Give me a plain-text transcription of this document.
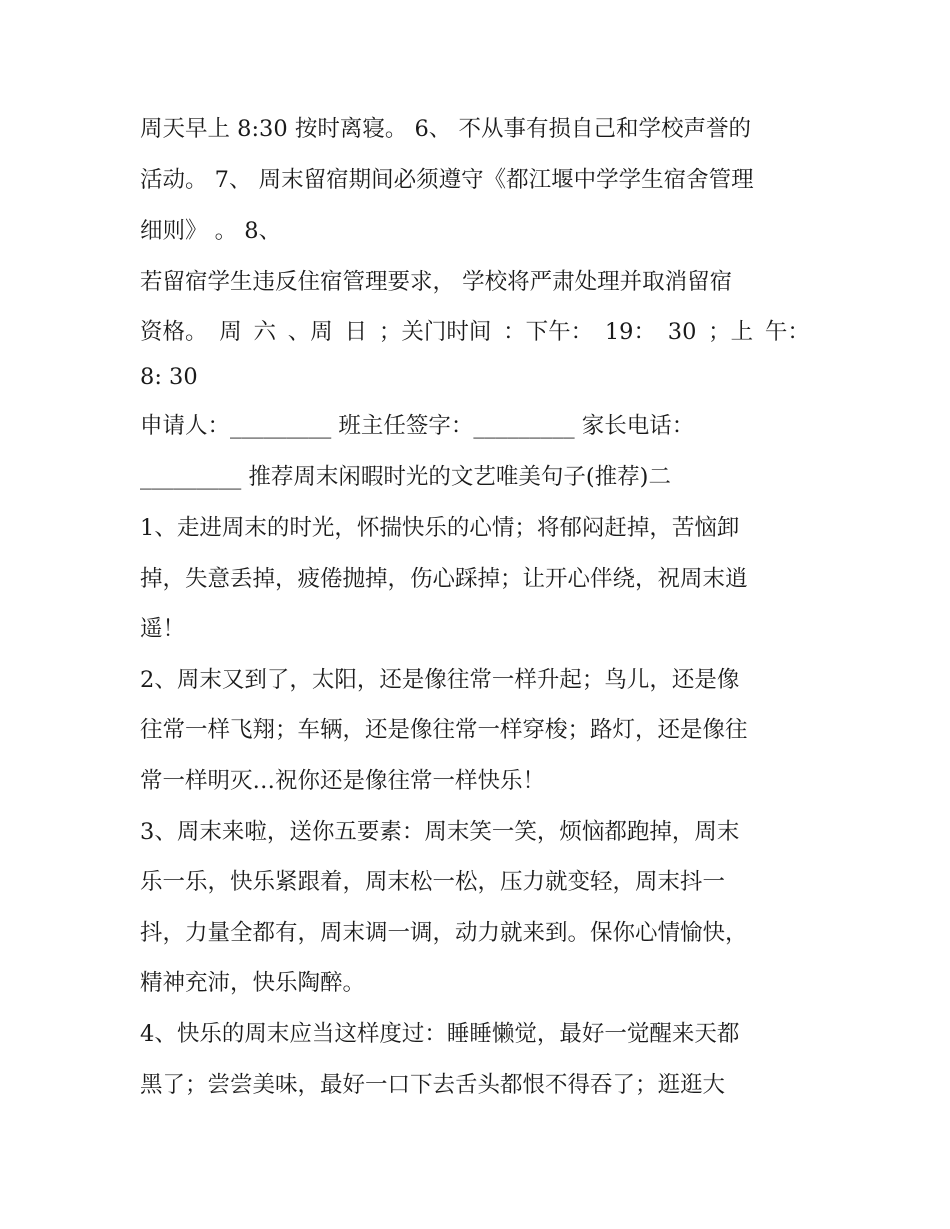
周天早上 8:30 按时离寝。 6、 不从事有损自己和学校声誉的
活动。 7、 周末留宿期间必须遵守《都江堰中学学生宿舍管理
细则》 。 8、
若留宿学生违反住宿管理要求， 学校将严肃处理并取消留宿
资格。 周 六 、周 日 ；关门时间 ：下午： 19： 30 ；上 午：
8: 30
申请人：_________ 班主任签字：_________ 家长电话：
_________ 推荐周末闲暇时光的文艺唯美句子(推荐)二
1、走进周末的时光，怀揣快乐的心情；将郁闷赶掉，苦恼卸
掉，失意丢掉，疲倦抛掉，伤心踩掉；让开心伴绕，祝周末逍
遥！
2、周末又到了，太阳，还是像往常一样升起；鸟儿，还是像
往常一样飞翔；车辆，还是像往常一样穿梭；路灯，还是像往
常一样明灭…祝你还是像往常一样快乐！
3、周末来啦，送你五要素：周末笑一笑，烦恼都跑掉，周末
乐一乐，快乐紧跟着，周末松一松，压力就变轻，周末抖一
抖，力量全都有，周末调一调，动力就来到。保你心情愉快，
精神充沛，快乐陶醉。
4、快乐的周末应当这样度过：睡睡懒觉，最好一觉醒来天都
黑了；尝尝美味，最好一口下去舌头都恨不得吞了；逛逛大
